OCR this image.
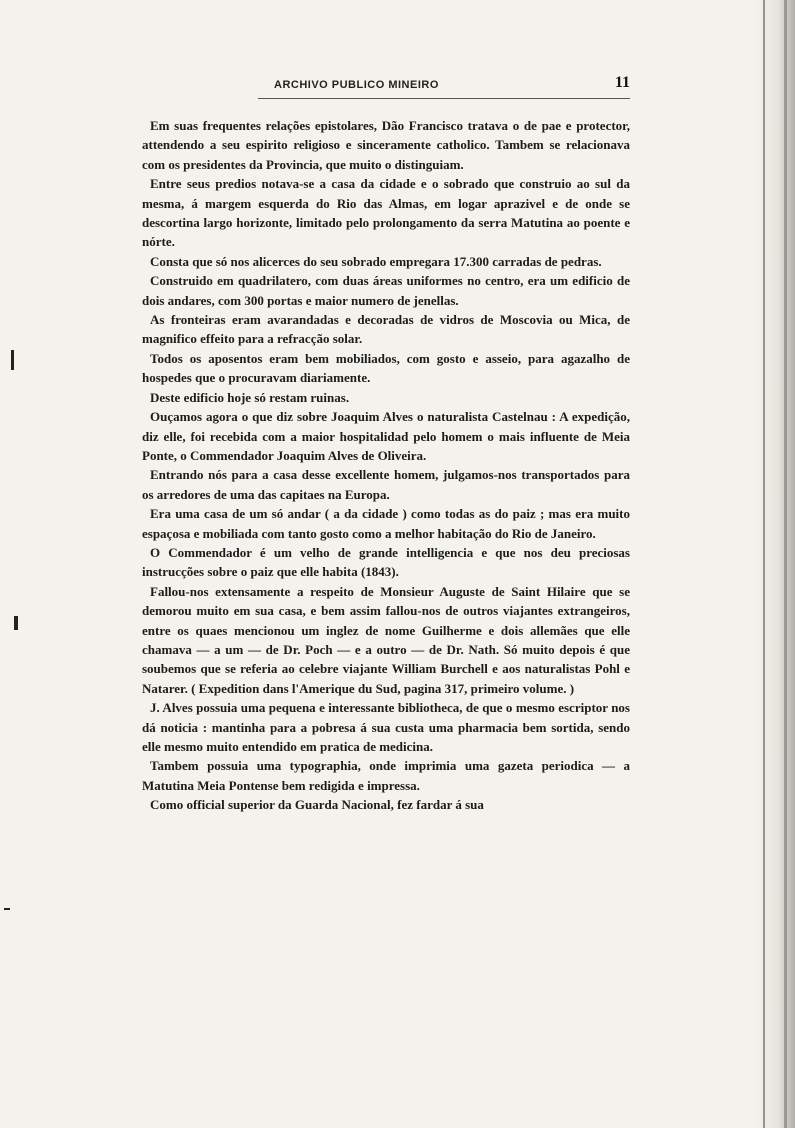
ARCHIVO PUBLICO MINEIRO	11

Em suas frequentes relações epistolares, Dão Francisco tratava o de pae e protector, attendendo a seu espirito religioso e sinceramente catholico. Tambem se relacionava com os presidentes da Provincia, que muito o distinguiam.

Entre seus predios notava-se a casa da cidade e o sobrado que construio ao sul da mesma, á margem esquerda do Rio das Almas, em logar aprazivel e de onde se descortina largo horizonte, limitado pelo prolongamento da serra Matutina ao poente e nórte.

Consta que só nos alicerces do seu sobrado empregara 17.300 carradas de pedras.

Construido em quadrilatero, com duas áreas uniformes no centro, era um edificio de dois andares, com 300 portas e maior numero de jenellas.

As fronteiras eram avarandadas e decoradas de vidros de Moscovia ou Mica, de magnifico effeito para a refracção solar.

Todos os aposentos eram bem mobiliados, com gosto e asseio, para agazalho de hospedes que o procuravam diariamente.

Deste edificio hoje só restam ruinas.

Ouçamos agora o que diz sobre Joaquim Alves o naturalista Castelnau : A expedição, diz elle, foi recebida com a maior hospitalidad pelo homem o mais influente de Meia Ponte, o Commendador Joaquim Alves de Oliveira.

Entrando nós para a casa desse excellente homem, julgamos-nos transportados para os arredores de uma das capitaes na Europa.

Era uma casa de um só andar ( a da cidade ) como todas as do paiz ; mas era muito espaçosa e mobiliada com tanto gosto como a melhor habitação do Rio de Janeiro.

O Commendador é um velho de grande intelligencia e que nos deu preciosas instrucções sobre o paiz que elle habita (1843).

Fallou-nos extensamente a respeito de Monsieur Auguste de Saint Hilaire que se demorou muito em sua casa, e bem assim fallou-nos de outros viajantes extrangeiros, entre os quaes mencionou um inglez de nome Guilherme e dois allemães que elle chamava — a um — de Dr. Poch — e a outro — de Dr. Nath. Só muito depois é que soubemos que se referia ao celebre viajante William Burchell e aos naturalistas Pohl e Natarer. ( Expedition dans l'Amerique du Sud, pagina 317, primeiro volume. )

J. Alves possuia uma pequena e interessante bibliotheca, de que o mesmo escriptor nos dá noticia : mantinha para a pobresa á sua custa uma pharmacia bem sortida, sendo elle mesmo muito entendido em pratica de medicina.

Tambem possuia uma typographia, onde imprimia uma gazeta periodica — a Matutina Meia Pontense bem redigida e impressa.

Como official superior da Guarda Nacional, fez fardar á sua
